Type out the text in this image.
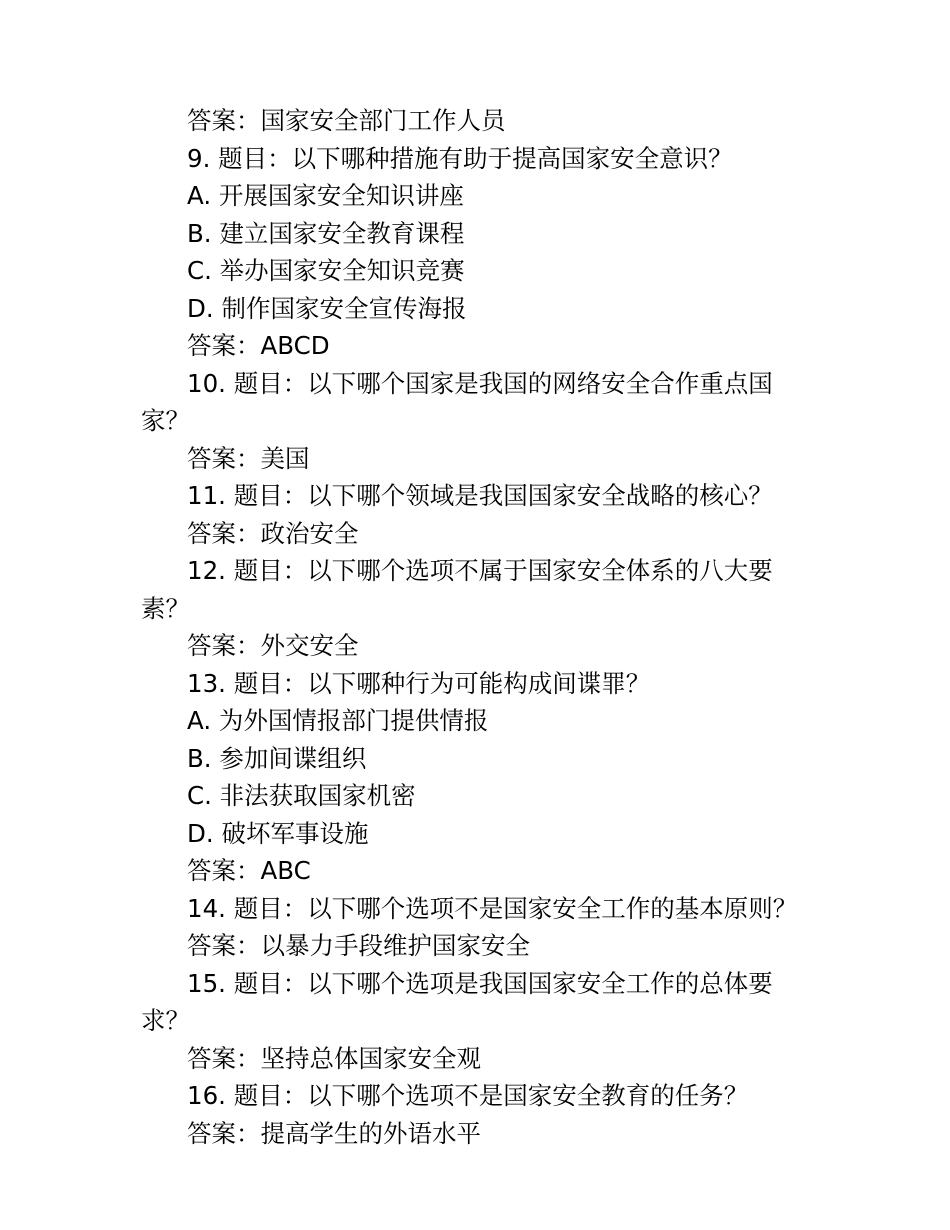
答案：国家安全部门工作人员
9. 题目：以下哪种措施有助于提高国家安全意识？
A. 开展国家安全知识讲座
B. 建立国家安全教育课程
C. 举办国家安全知识竞赛
D. 制作国家安全宣传海报
答案：ABCD
10. 题目：以下哪个国家是我国的网络安全合作重点国家？
答案：美国
11. 题目：以下哪个领域是我国国家安全战略的核心？
答案：政治安全
12. 题目：以下哪个选项不属于国家安全体系的八大要素？
答案：外交安全
13. 题目：以下哪种行为可能构成间谍罪？
A. 为外国情报部门提供情报
B. 参加间谍组织
C. 非法获取国家机密
D. 破坏军事设施
答案：ABC
14. 题目：以下哪个选项不是国家安全工作的基本原则？
答案：以暴力手段维护国家安全
15. 题目：以下哪个选项是我国国家安全工作的总体要求？
答案：坚持总体国家安全观
16. 题目：以下哪个选项不是国家安全教育的任务？
答案：提高学生的外语水平
